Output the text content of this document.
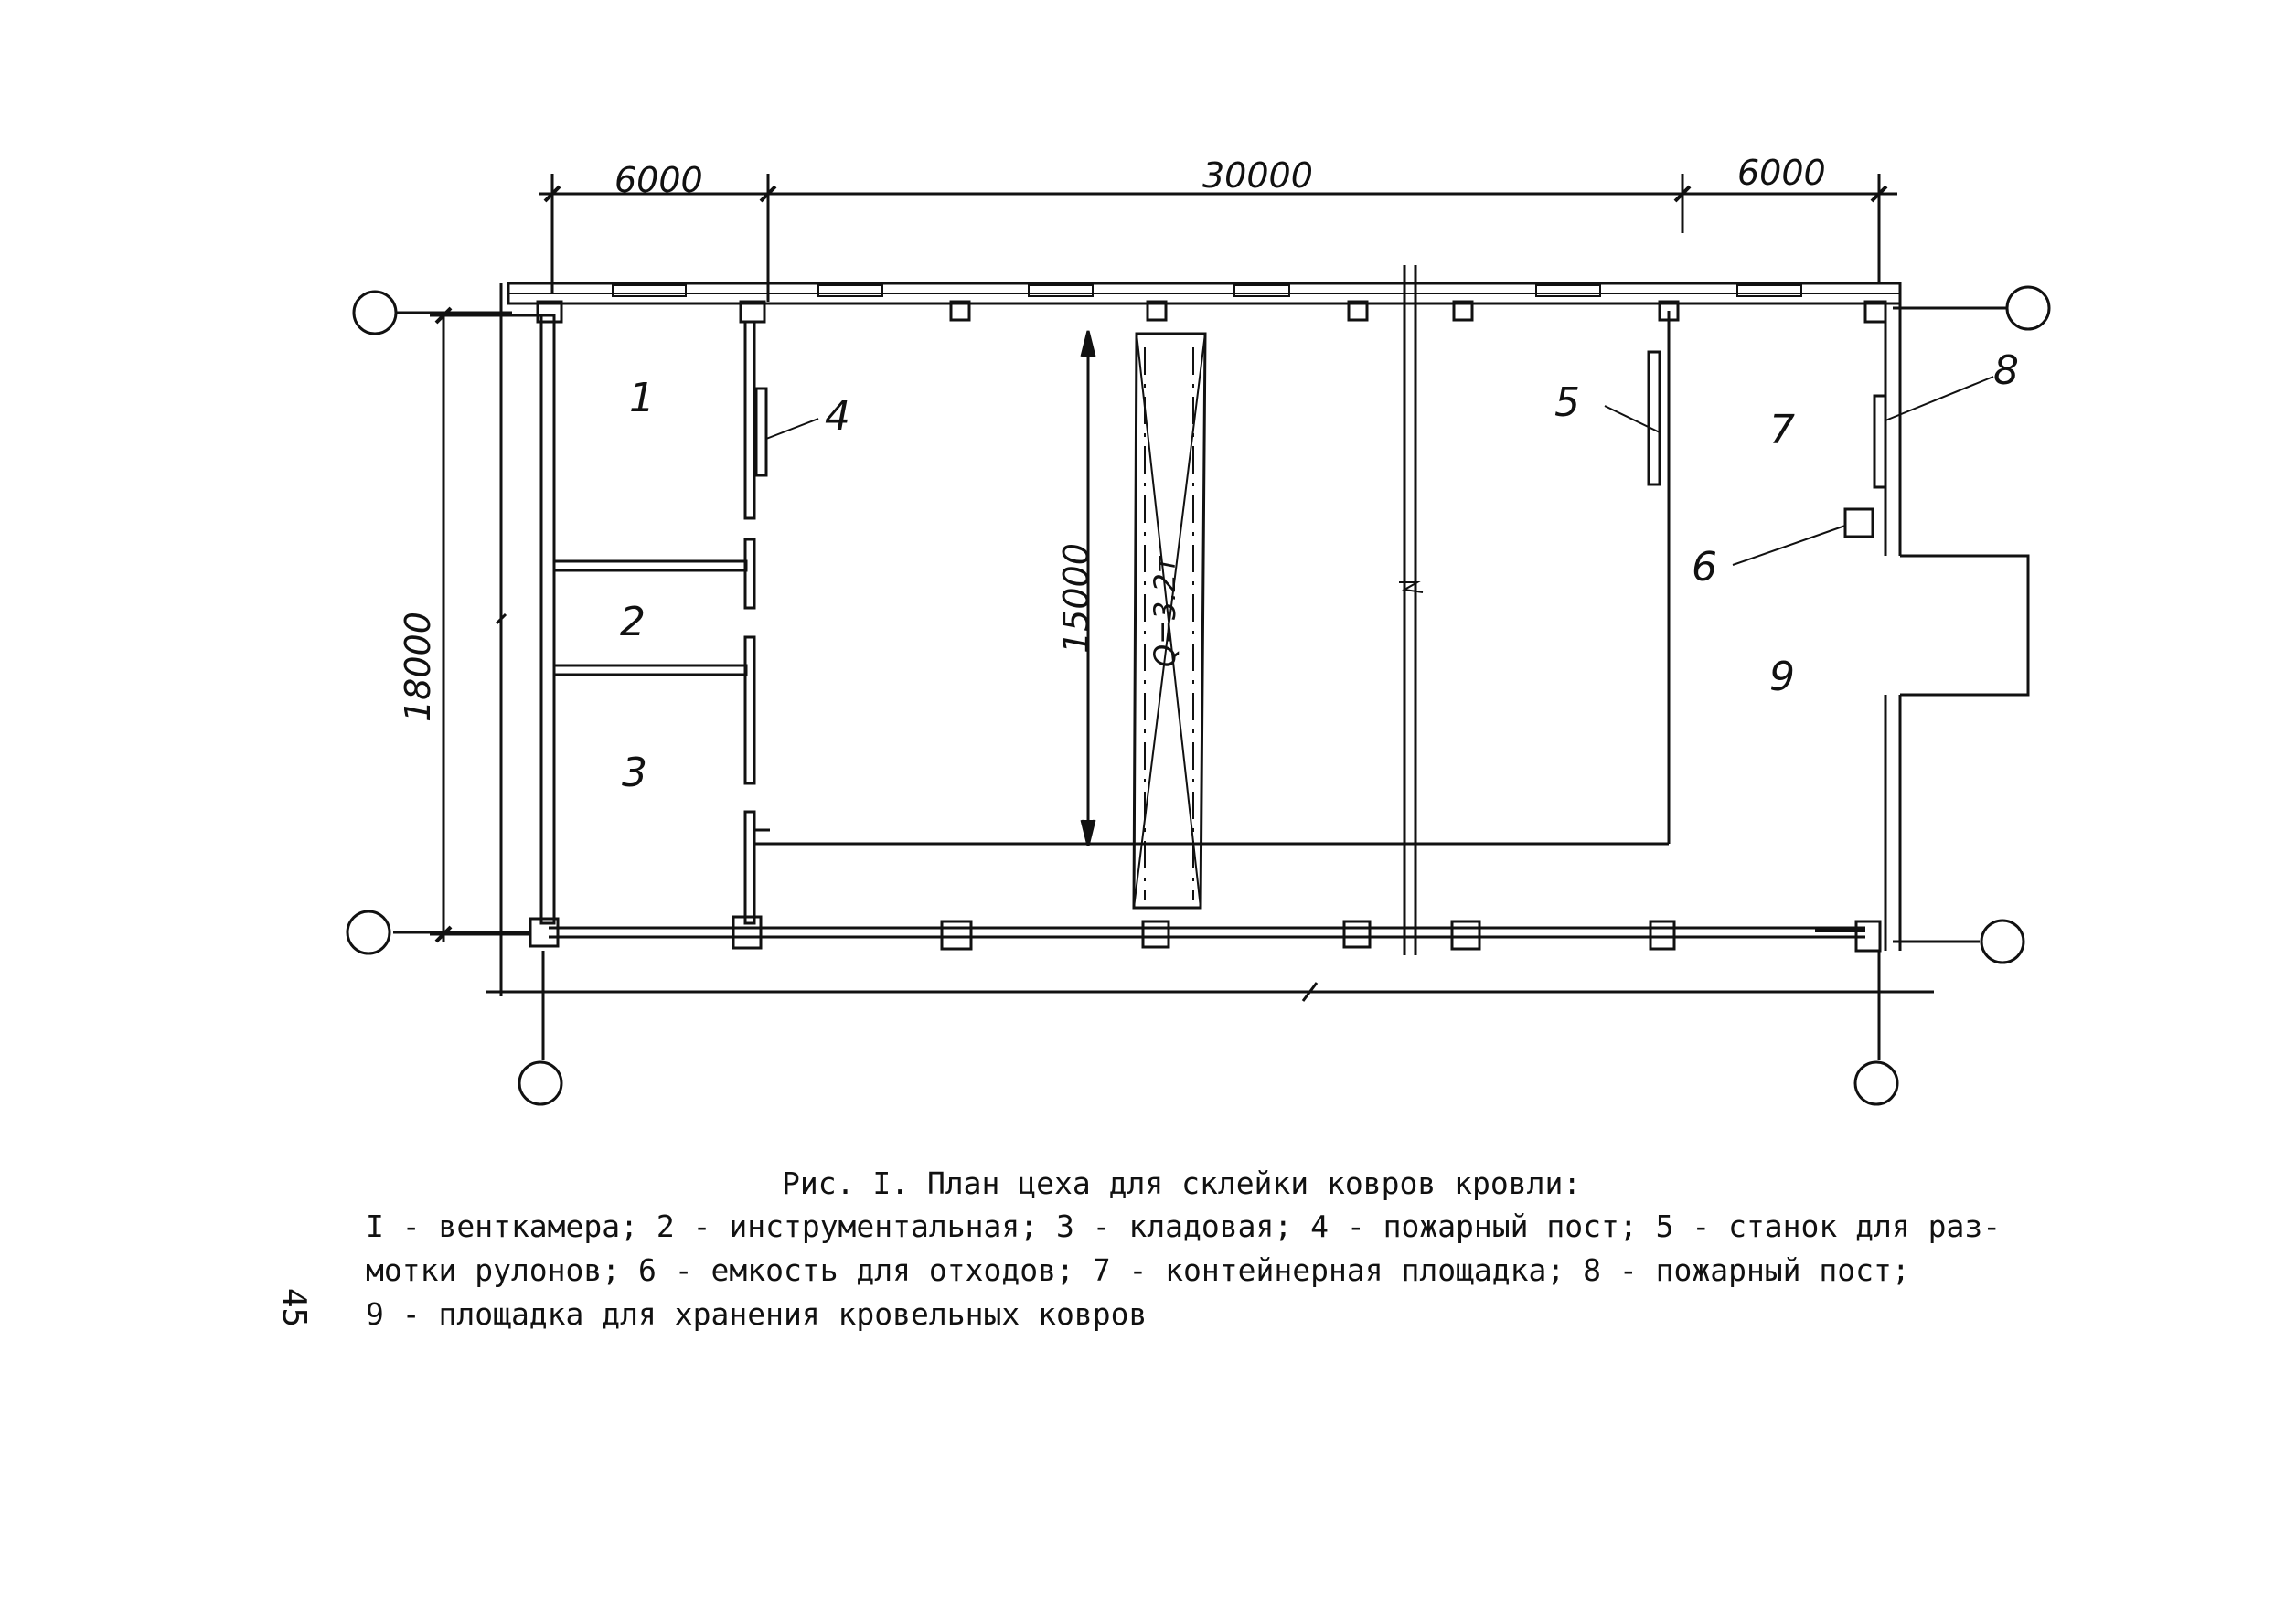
6000	30000	6000
18000
15000 Q=3.2т
1
2
3
4	5
6
7
8
9
Рис. I. План цеха для склейки ковров кровли:
I - венткамера; 2 - инструментальная; 3 - кладовая; 4 - пожарный пост; 5 - станок для раз-
мотки рулонов; 6 - емкость для отходов; 7 - контейнерная площадка; 8 - пожарный пост;
9 - площадка для хранения кровельных ковров
45
